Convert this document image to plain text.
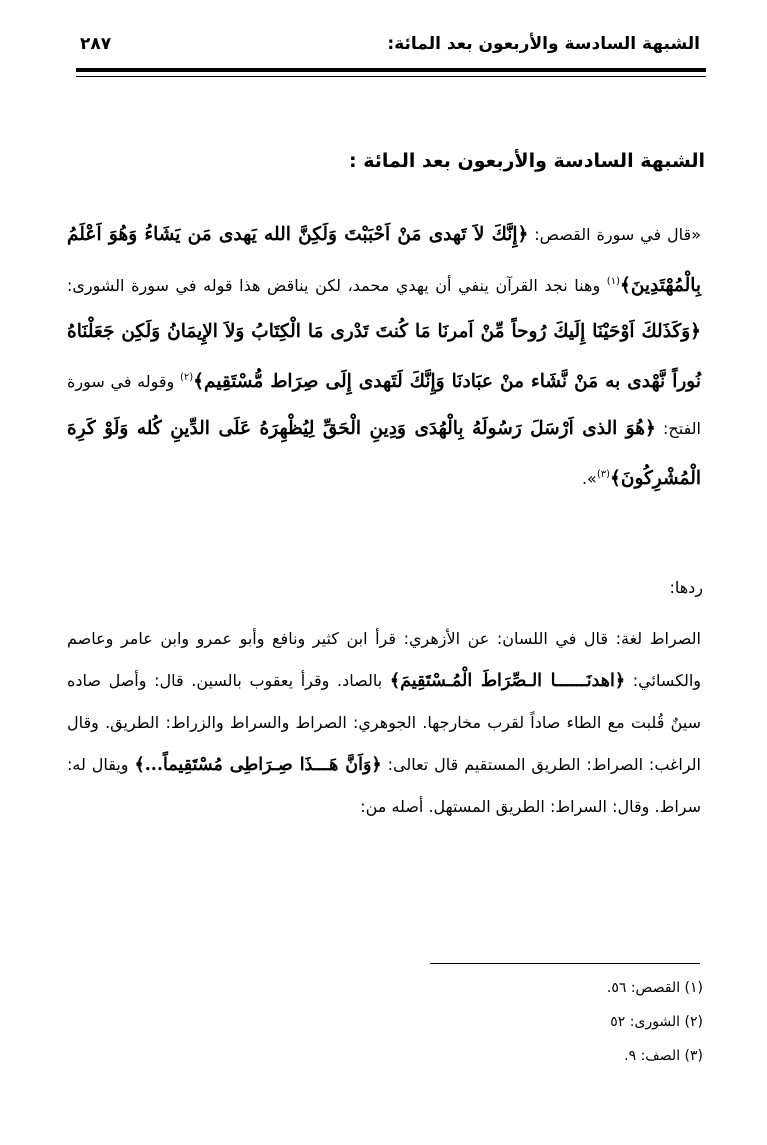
الشبهة السادسة والأربعون بعد المائة:
٢٨٧
الشبهة السادسة والأربعون بعد المائة :

«قال في سورة القصص: ﴿إِنَّكَ لاَ تَهدى مَنْ اَحْبَبْتَ وَلَكِنَّ الله يَهدى مَن يَشَاءُ وَهُوَ اَعْلَمُ بِالْمُهْتَدِينَ﴾$^{(١)}$ وهنا نجد القرآن ينفي أن يهدي محمد، لكن يناقض هذا قوله في سورة الشورى: ﴿وَكَذَلكَ اَوْحَيْنَا إِلَيكَ رُوحاً مِّنْ اَمرنَا مَا كُنتَ تَدْرى مَا الْكِتَابُ وَلاَ الإِيمَانُ وَلَكِن جَعَلْنَاهُ نُوراً نَّهْدى به مَنْ نَّشَاء منْ عبَادنَا وَإِنَّكَ لَتَهدى إِلَى صِرَاط مُّسْتَقِيم﴾$^{(٢)}$ وقوله في سورة الفتح: ﴿هُوَ الذى اَرْسَلَ رَسُولَهُ بِالْهُدَى وَدِينِ الْحَقِّ لِيُظْهِرَهُ عَلَى الدِّينِ كُله وَلَوْ كَرِهَ الْمُشْرِكُونَ﴾$^{(٣)}$».

ردها:

الصراط لغة: قال في اللسان: عن الأزهري: قرأ ابن كثير ونافع وأبو عمرو وابن عامر وعاصم والكسائي: ﴿اهدنَــــــا الـصِّرَاطَ الْمُـسْتَقِيمَ﴾ بالصاد. وقرأ يعقوب بالسين. قال: وأصل صاده سينٌ قُلبت مع الطاء صاداً لقرب مخارجها. الجوهري: الصراط والسراط والزراط: الطريق. وقال الراغب: الصراط: الطريق المستقيم قال تعالى: ﴿وَاَنَّ هَـــذَا صِـرَاطِى مُسْتَقِيماً...﴾ ويقال له: سراط. وقال: السراط: الطريق المستهل. أصله من:

(١) القصص: ٥٦.
(٢) الشورى: ٥٢
(٣) الصف: ٩.
